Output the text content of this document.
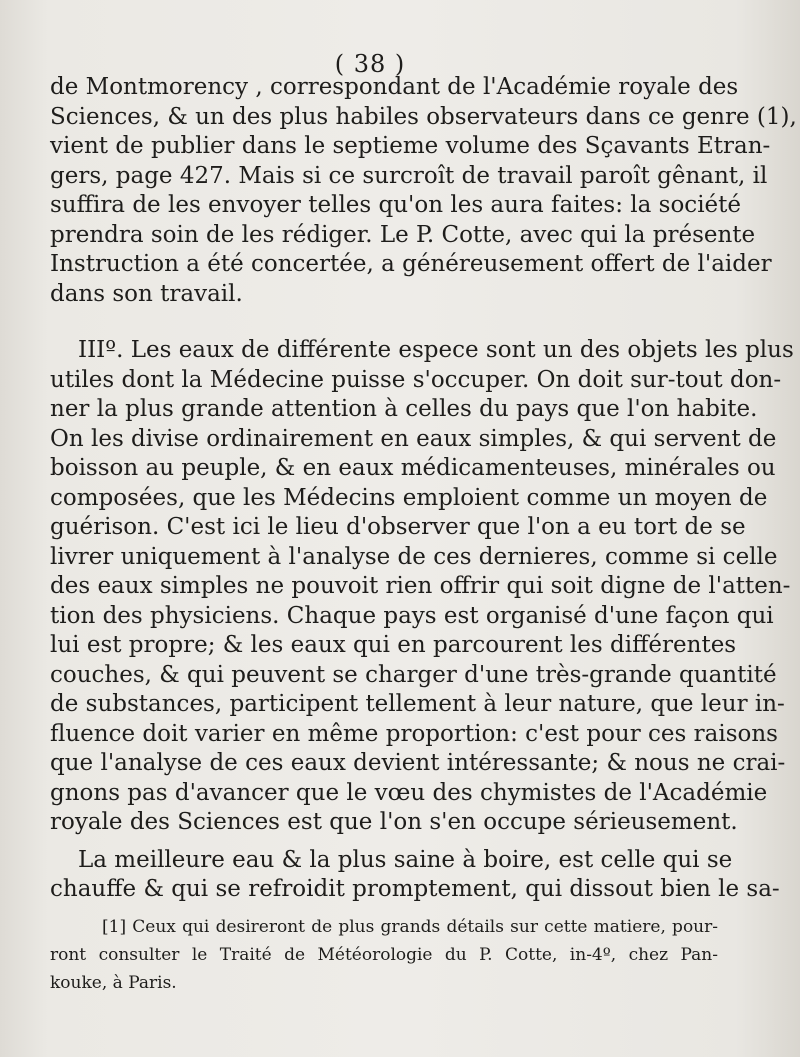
( 38 )
de Montmorency , correspondant de l'Académie royale des
Sciences, & un des plus habiles observateurs dans ce genre (1),
vient de publier dans le septieme volume des Sçavants Etran-
gers, page 427. Mais si ce surcroît de travail paroît gênant, il
suffira de les envoyer telles qu'on les aura faites: la société
prendra soin de les rédiger. Le P. Cotte, avec qui la présente
Instruction a été concertée, a généreusement offert de l'aider
dans son travail.
IIIº. Les eaux de différente espece sont un des objets les plus
utiles dont la Médecine puisse s'occuper. On doit sur-tout don-
ner la plus grande attention à celles du pays que l'on habite.
On les divise ordinairement en eaux simples, & qui servent de
boisson au peuple, & en eaux médicamenteuses, minérales ou
composées, que les Médecins emploient comme un moyen de
guérison. C'est ici le lieu d'observer que l'on a eu tort de se
livrer uniquement à l'analyse de ces dernieres, comme si celle
des eaux simples ne pouvoit rien offrir qui soit digne de l'atten-
tion des physiciens. Chaque pays est organisé d'une façon qui
lui est propre; & les eaux qui en parcourent les différentes
couches, & qui peuvent se charger d'une très-grande quantité
de substances, participent tellement à leur nature, que leur in-
fluence doit varier en même proportion: c'est pour ces raisons
que l'analyse de ces eaux devient intéressante; & nous ne crai-
gnons pas d'avancer que le vœu des chymistes de l'Académie
royale des Sciences est que l'on s'en occupe sérieusement.
La meilleure eau & la plus saine à boire, est celle qui se
chauffe & qui se refroidit promptement, qui dissout bien le sa-
[1] Ceux qui desireront de plus grands détails sur cette matiere, pour-
ront consulter le Traité de Météorologie du P. Cotte, in-4º, chez Pan-
kouke, à Paris.
